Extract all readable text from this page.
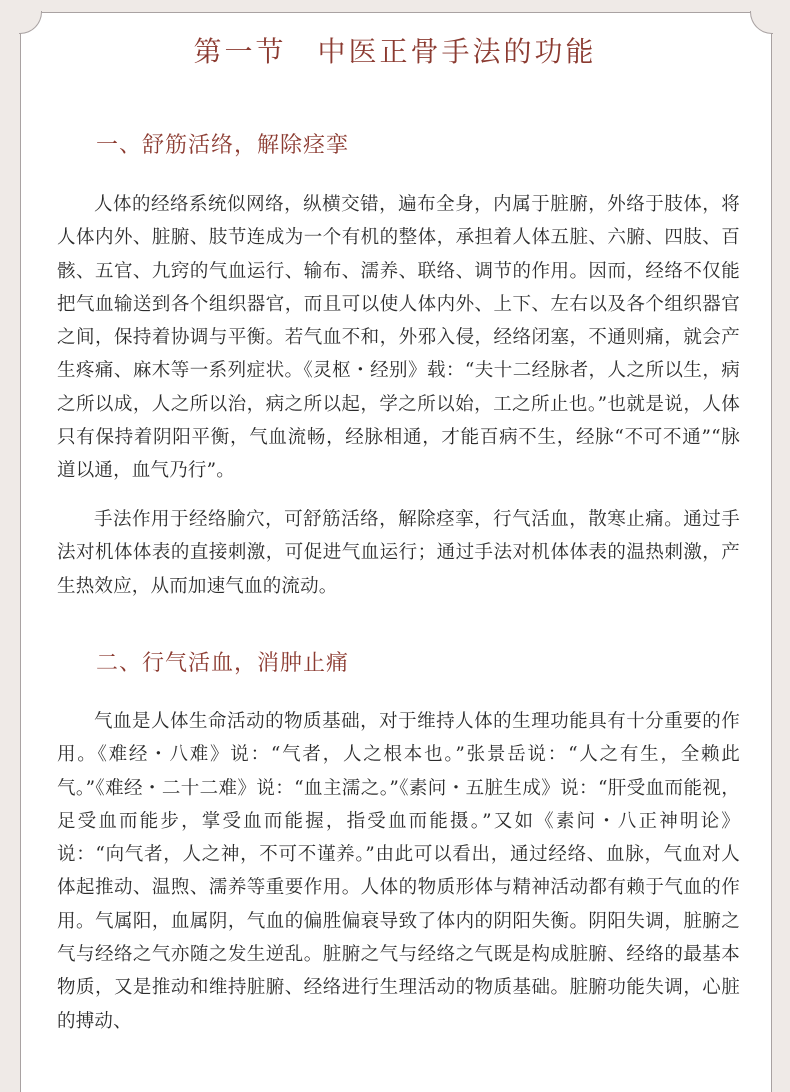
第一节　中医正骨手法的功能
一、舒筋活络，解除痉挛

人体的经络系统似网络，纵横交错，遍布全身，内属于脏腑，外络于肢体，将人体内外、脏腑、肢节连成为一个有机的整体，承担着人体五脏、六腑、四肢、百骸、五官、九窍的气血运行、输布、濡养、联络、调节的作用。因而，经络不仅能把气血输送到各个组织器官，而且可以使人体内外、上下、左右以及各个组织器官之间，保持着协调与平衡。若气血不和，外邪入侵，经络闭塞，不通则痛，就会产生疼痛、麻木等一系列症状。《灵枢・经别》载：“夫十二经脉者，人之所以生，病之所以成，人之所以治，病之所以起，学之所以始，工之所止也。”也就是说，人体只有保持着阴阳平衡，气血流畅，经脉相通，才能百病不生，经脉“不可不通”“脉道以通，血气乃行”。

手法作用于经络腧穴，可舒筋活络，解除痉挛，行气活血，散寒止痛。通过手法对机体体表的直接刺激，可促进气血运行；通过手法对机体体表的温热刺激，产生热效应，从而加速气血的流动。

二、行气活血，消肿止痛

气血是人体生命活动的物质基础，对于维持人体的生理功能具有十分重要的作用。《难经・八难》说：“气者，人之根本也。”张景岳说：“人之有生，全赖此气。”《难经・二十二难》说：“血主濡之。”《素问・五脏生成》说：“肝受血而能视，足受血而能步，掌受血而能握，指受血而能摄。”又如《素问・八正神明论》说：“向气者，人之神，不可不谨养。”由此可以看出，通过经络、血脉，气血对人体起推动、温煦、濡养等重要作用。人体的物质形体与精神活动都有赖于气血的作用。气属阳，血属阴，气血的偏胜偏衰导致了体内的阴阳失衡。阴阳失调，脏腑之气与经络之气亦随之发生逆乱。脏腑之气与经络之气既是构成脏腑、经络的最基本物质，又是推动和维持脏腑、经络进行生理活动的物质基础。脏腑功能失调，心脏的搏动、
